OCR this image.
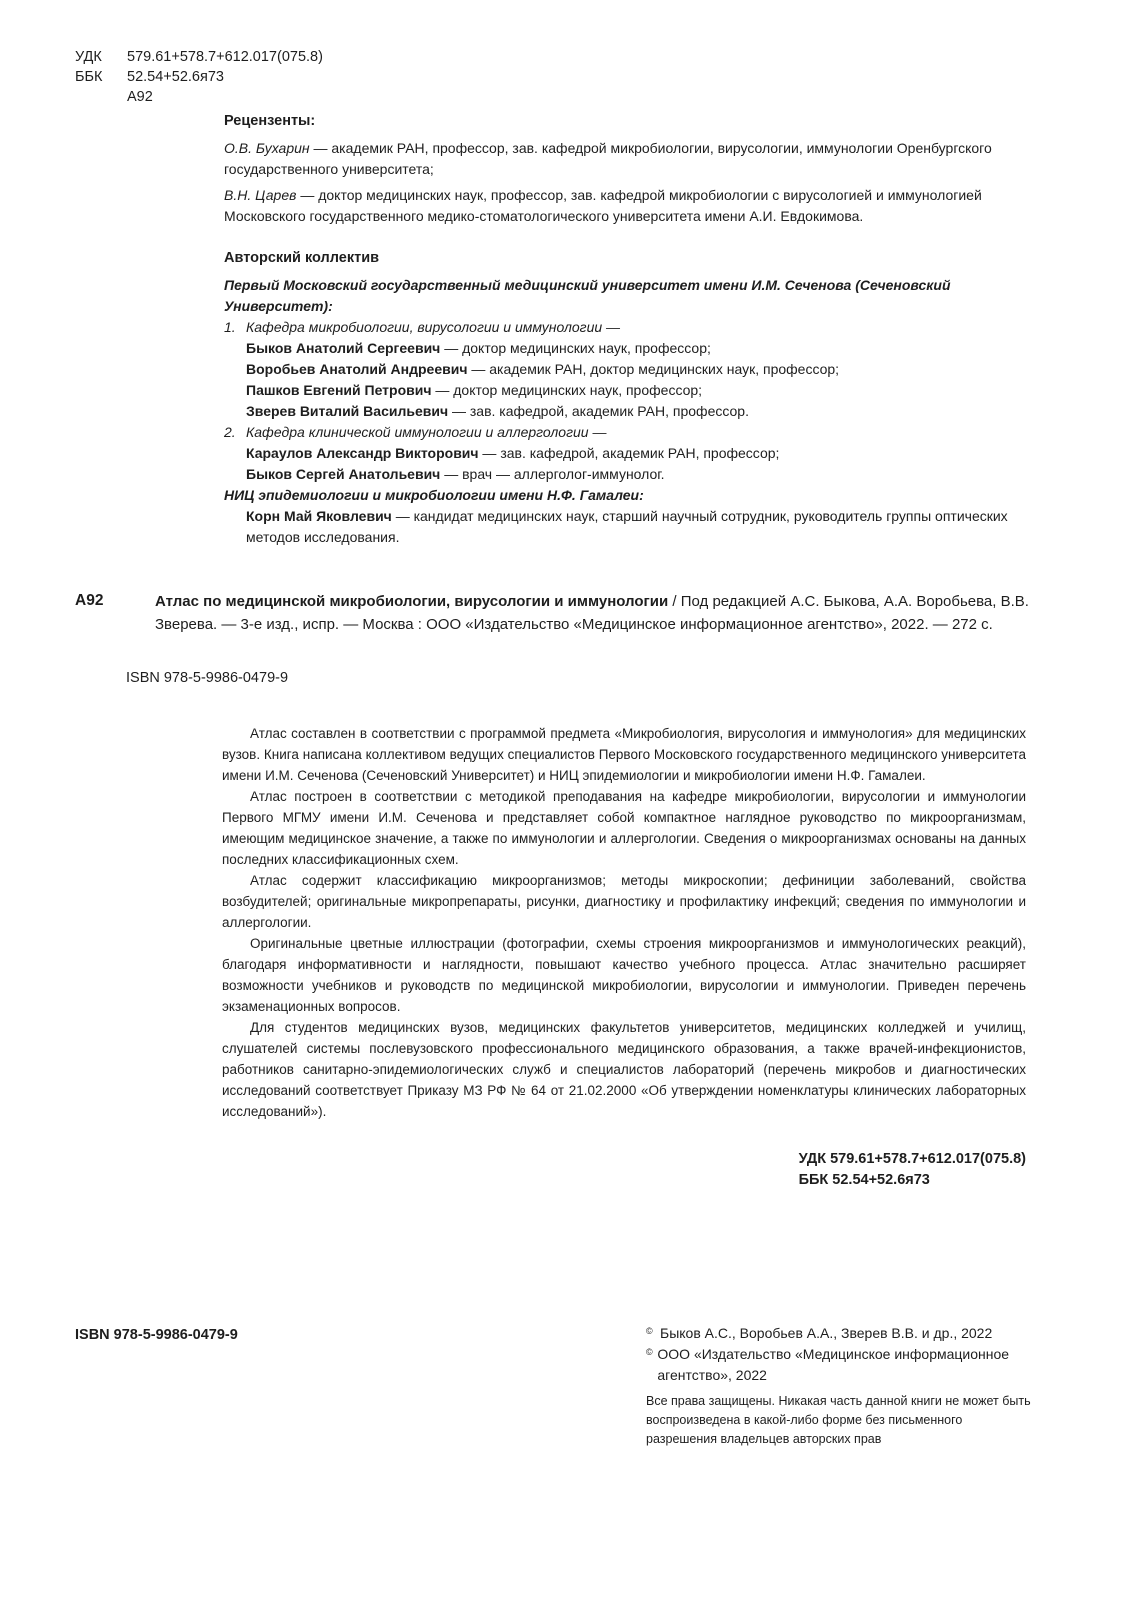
УДК	579.61+578.7+612.017(075.8)
ББК	52.54+52.6я73
А92
Рецензенты:
О.В. Бухарин — академик РАН, профессор, зав. кафедрой микробиологии, вирусологии, иммунологии Оренбургского государственного университета;
В.Н. Царев — доктор медицинских наук, профессор, зав. кафедрой микробиологии с вирусологией и иммунологией Московского государственного медико-стоматологического университета имени А.И. Евдокимова.
Авторский коллектив
Первый Московский государственный медицинский университет имени И.М. Сеченова (Сеченовский Университет):
1. Кафедра микробиологии, вирусологии и иммунологии —
Быков Анатолий Сергеевич — доктор медицинских наук, профессор;
Воробьев Анатолий Андреевич — академик РАН, доктор медицинских наук, профессор;
Пашков Евгений Петрович — доктор медицинских наук, профессор;
Зверев Виталий Васильевич — зав. кафедрой, академик РАН, профессор.
2. Кафедра клинической иммунологии и аллергологии —
Караулов Александр Викторович — зав. кафедрой, академик РАН, профессор;
Быков Сергей Анатольевич — врач — аллерголог-иммунолог.
НИЦ эпидемиологии и микробиологии имени Н.Ф. Гамалеи:
Корн Май Яковлевич — кандидат медицинских наук, старший научный сотрудник, руководитель группы оптических методов исследования.
А92	Атлас по медицинской микробиологии, вирусологии и иммунологии / Под редакцией А.С. Быкова, А.А. Воробьева, В.В. Зверева. — 3-е изд., испр. — Москва : ООО «Издательство «Медицинское информационное агентство», 2022. — 272 с.
ISBN 978-5-9986-0479-9

Атлас составлен в соответствии с программой предмета «Микробиология, вирусология и иммунология» для медицинских вузов. Книга написана коллективом ведущих специалистов Первого Московского государственного медицинского университета имени И.М. Сеченова (Сеченовский Университет) и НИЦ эпидемиологии и микробиологии имени Н.Ф. Гамалеи.

Атлас построен в соответствии с методикой преподавания на кафедре микробиологии, вирусологии и иммунологии Первого МГМУ имени И.М. Сеченова и представляет собой компактное наглядное руководство по микроорганизмам, имеющим медицинское значение, а также по иммунологии и аллергологии. Сведения о микроорганизмах основаны на данных последних классификационных схем.

Атлас содержит классификацию микроорганизмов; методы микроскопии; дефиниции заболеваний, свойства возбудителей; оригинальные микропрепараты, рисунки, диагностику и профилактику инфекций; сведения по иммунологии и аллергологии.

Оригинальные цветные иллюстрации (фотографии, схемы строения микроорганизмов и иммунологических реакций), благодаря информативности и наглядности, повышают качество учебного процесса. Атлас значительно расширяет возможности учебников и руководств по медицинской микробиологии, вирусологии и иммунологии. Приведен перечень экзаменационных вопросов.

Для студентов медицинских вузов, медицинских факультетов университетов, медицинских колледжей и училищ, слушателей системы послевузовского профессионального медицинского образования, а также врачей-инфекционистов, работников санитарно-эпидемиологических служб и специалистов лабораторий (перечень микробов и диагностических исследований соответствует Приказу МЗ РФ № 64 от 21.02.2000 «Об утверждении номенклатуры клинических лабораторных исследований»).

УДК 579.61+578.7+612.017(075.8)
ББК 52.54+52.6я73
ISBN 978-5-9986-0479-9	© Быков А.С., Воробьев А.А., Зверев В.В. и др., 2022
© ООО «Издательство «Медицинское информационное агентство», 2022
Все права защищены. Никакая часть данной книги не может быть воспроизведена в какой-либо форме без письменного разрешения владельцев авторских прав
